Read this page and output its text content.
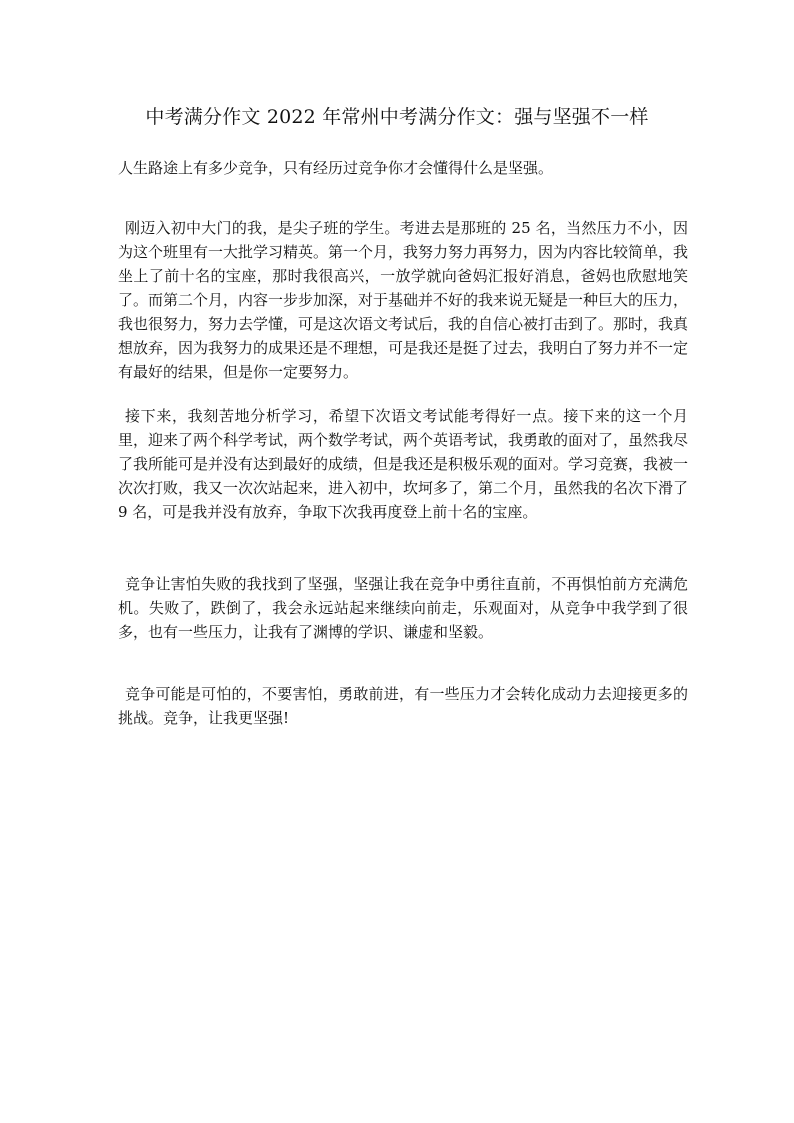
中考满分作文 2022 年常州中考满分作文：强与坚强不一样
人生路途上有多少竞争，只有经历过竞争你才会懂得什么是坚强。
刚迈入初中大门的我，是尖子班的学生。考进去是那班的 25 名，当然压力不小，因为这个班里有一大批学习精英。第一个月，我努力努力再努力，因为内容比较简单，我坐上了前十名的宝座，那时我很高兴，一放学就向爸妈汇报好消息，爸妈也欣慰地笑了。而第二个月，内容一步步加深，对于基础并不好的我来说无疑是一种巨大的压力，我也很努力，努力去学懂，可是这次语文考试后，我的自信心被打击到了。那时，我真想放弃，因为我努力的成果还是不理想，可是我还是挺了过去，我明白了努力并不一定有最好的结果，但是你一定要努力。
接下来，我刻苦地分析学习，希望下次语文考试能考得好一点。接下来的这一个月里，迎来了两个科学考试，两个数学考试，两个英语考试，我勇敢的面对了，虽然我尽了我所能可是并没有达到最好的成绩，但是我还是积极乐观的面对。学习竞赛，我被一次次打败，我又一次次站起来，进入初中，坎坷多了，第二个月，虽然我的名次下滑了 9 名，可是我并没有放弃，争取下次我再度登上前十名的宝座。
竞争让害怕失败的我找到了坚强，坚强让我在竞争中勇往直前，不再惧怕前方充满危机。失败了，跌倒了，我会永远站起来继续向前走，乐观面对，从竞争中我学到了很多，也有一些压力，让我有了渊博的学识、谦虚和坚毅。
竞争可能是可怕的，不要害怕，勇敢前进，有一些压力才会转化成动力去迎接更多的挑战。竞争，让我更坚强!
